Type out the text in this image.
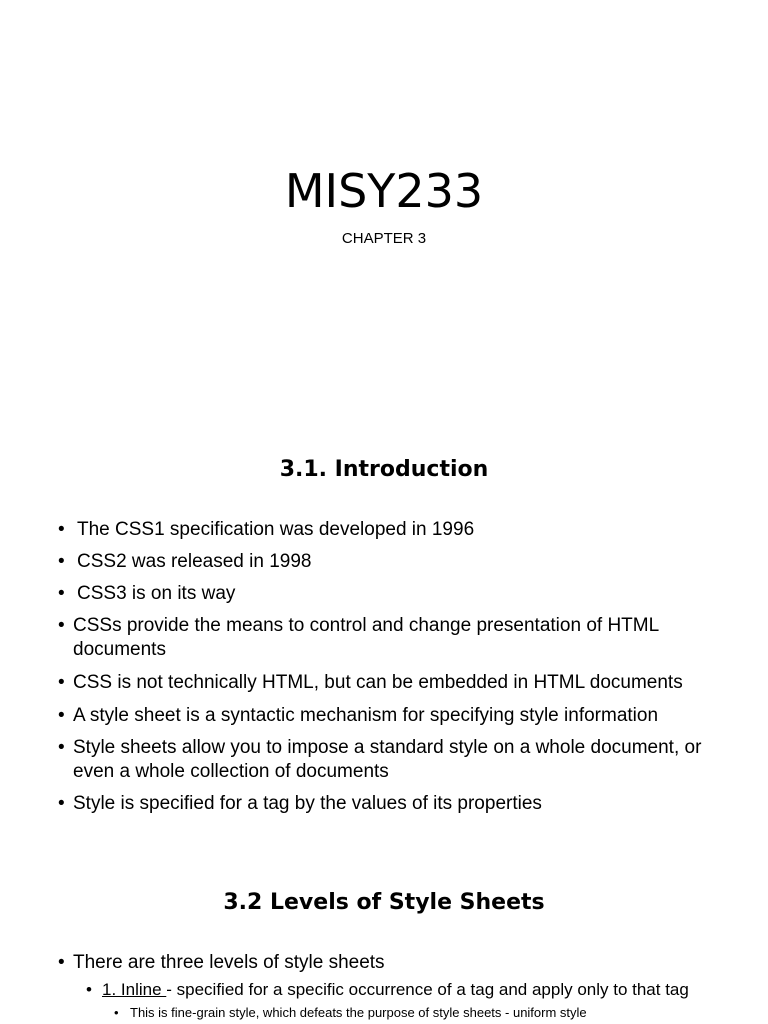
MISY233

CHAPTER 3

3.1. Introduction
• The CSS1 specification was developed in 1996
• CSS2 was released in 1998
• CSS3 is on its way
• CSSs provide the means to control and change presentation of HTML documents
• CSS is not technically HTML, but can be embedded in HTML documents
• A style sheet is a syntactic mechanism for specifying style information
• Style sheets allow you to impose a standard style on a whole document, or even a whole collection of documents
• Style is specified for a tag by the values of its properties
3.2 Levels of Style Sheets
• There are three levels of style sheets
• 1. Inline - specified for a specific occurrence of a tag and apply only to that tag
• This is fine-grain style, which defeats the purpose of style sheets - uniform style
